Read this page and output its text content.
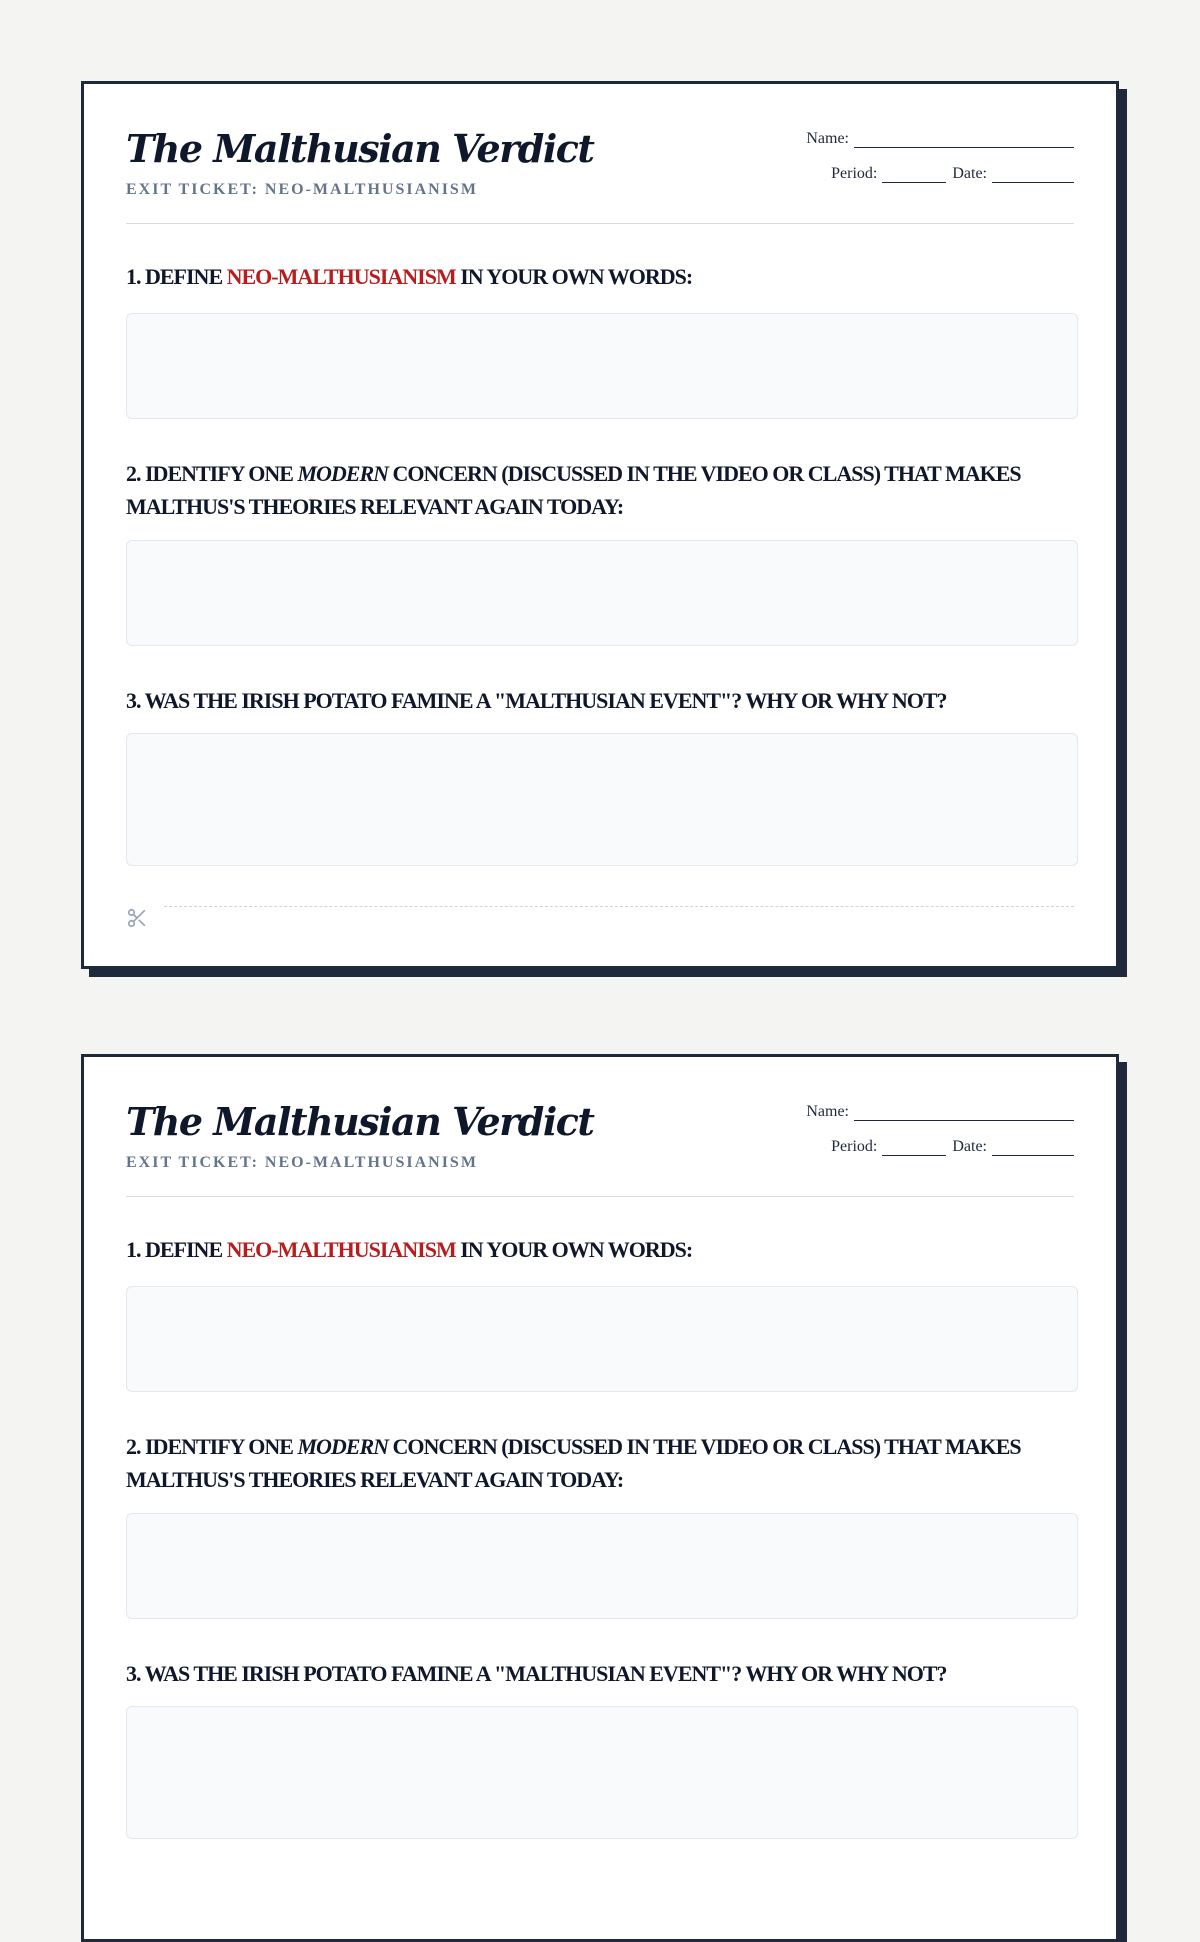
The Malthusian Verdict
EXIT TICKET: NEO-MALTHUSIANISM
Name:
Period:	Date:

1. DEFINE NEO-MALTHUSIANISM IN YOUR OWN WORDS:

2. IDENTIFY ONE MODERN CONCERN (DISCUSSED IN THE VIDEO OR CLASS) THAT MAKES MALTHUS'S THEORIES RELEVANT AGAIN TODAY:

3. WAS THE IRISH POTATO FAMINE A "MALTHUSIAN EVENT"? WHY OR WHY NOT?

The Malthusian Verdict
EXIT TICKET: NEO-MALTHUSIANISM
Name:
Period:	Date:

1. DEFINE NEO-MALTHUSIANISM IN YOUR OWN WORDS:

2. IDENTIFY ONE MODERN CONCERN (DISCUSSED IN THE VIDEO OR CLASS) THAT MAKES MALTHUS'S THEORIES RELEVANT AGAIN TODAY:

3. WAS THE IRISH POTATO FAMINE A "MALTHUSIAN EVENT"? WHY OR WHY NOT?
